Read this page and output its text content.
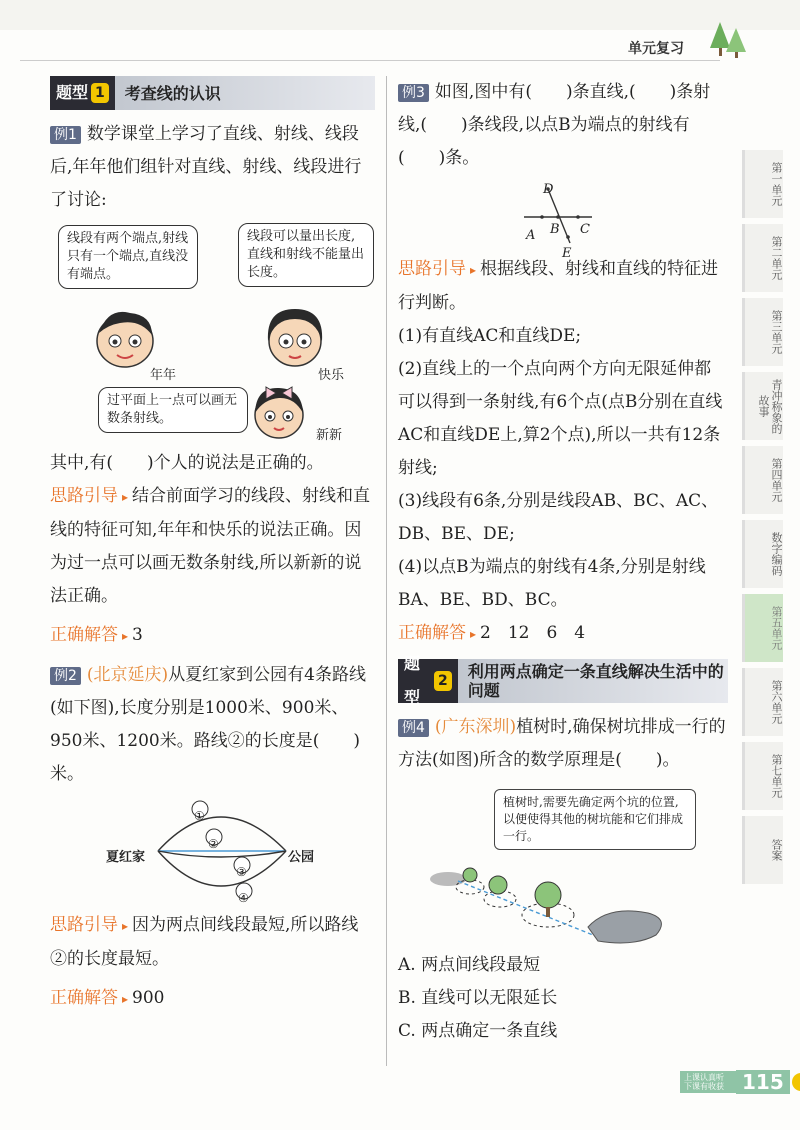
单元复习
题型 1	考查线的认识

例1 数学课堂上学习了直线、射线、线段后,年年他们组针对直线、射线、线段进行了讨论:

线段有两个端点,射线只有一个端点,直线没有端点。
线段可以量出长度,直线和射线不能量出长度。
年年	快乐
过平面上一点可以画无数条射线。
新新

其中,有(　　)个人的说法是正确的。

思路引导 ▸ 结合前面学习的线段、射线和直线的特征可知,年年和快乐的说法正确。因为过一点可以画无数条射线,所以新新的说法正确。

正确解答 ▸ 3

例2 (北京延庆)从夏红家到公园有4条路线(如下图),长度分别是1000米、900米、950米、1200米。路线②的长度是(　　)米。

①
②
③
④
夏红家	公园

思路引导 ▸ 因为两点间线段最短,所以路线②的长度最短。

正确解答 ▸ 900

例3 如图,图中有(　　)条直线,(　　)条射线,(　　)条线段,以点B为端点的射线有(　　)条。

D
A B C
E

思路引导 ▸ 根据线段、射线和直线的特征进行判断。

(1)有直线AC和直线DE;

(2)直线上的一个点向两个方向无限延伸都可以得到一条射线,有6个点(点B分别在直线AC和直线DE上,算2个点),所以一共有12条射线;

(3)线段有6条,分别是线段AB、BC、AC、DB、BE、DE;

(4)以点B为端点的射线有4条,分别是射线BA、BE、BD、BC。

正确解答 ▸ 2　12　6　4

题型
2	利用两点确定一条直线解决生活中的问题

例4 (广东深圳)植树时,确保树坑排成一行的方法(如图)所含的数学原理是(　　)。

植树时,需要先确定两个坑的位置,以便使得其他的树坑能和它们排成一行。

A. 两点间线段最短

B. 直线可以无限延长

C. 两点确定一条直线

第一单元
第二单元
第三单元
青冲称象的故事
第四单元
数字编码
第五单元
第六单元
第七单元
答案
上课认真听 下课有收获 115
